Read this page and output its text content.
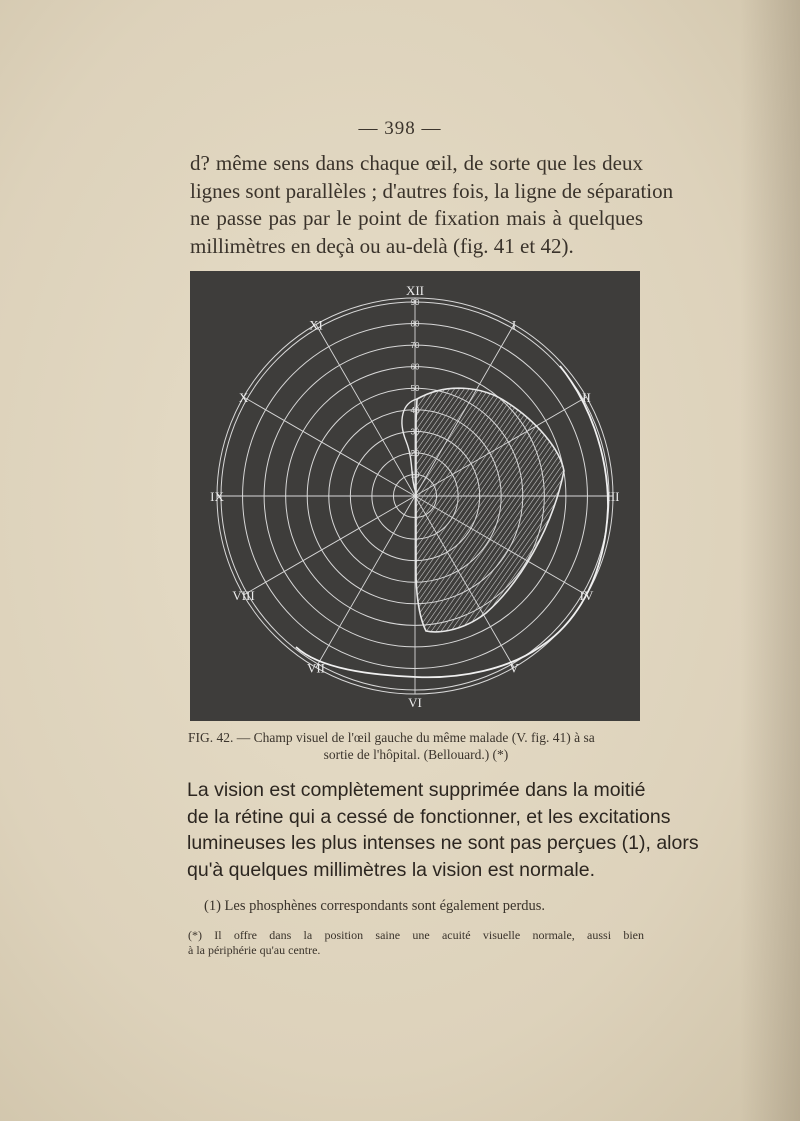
— 398 —
d? même sens dans chaque œil, de sorte que les deux
lignes sont parallèles ; d'autres fois, la ligne de séparation
ne passe pas par le point de fixation mais à quelques
millimètres en deçà ou au-delà (fig. 41 et 42).
XII
I
II
III
IV
V
VI
VII
VIII
IX
X
XI
10
20
30
40
50
60
70
80
90
FIG. 42. — Champ visuel de l'œil gauche du même malade (V. fig. 41) à sa
sortie de l'hôpital. (Bellouard.) (*)
La vision est complètement supprimée dans la moitié
de la rétine qui a cessé de fonctionner, et les excitations
lumineuses les plus intenses ne sont pas perçues (1), alors
qu'à quelques millimètres la vision est normale.
(1) Les phosphènes correspondants sont également perdus.
(*) Il offre dans la position saine une acuité visuelle normale, aussi bien
à la périphérie qu'au centre.
